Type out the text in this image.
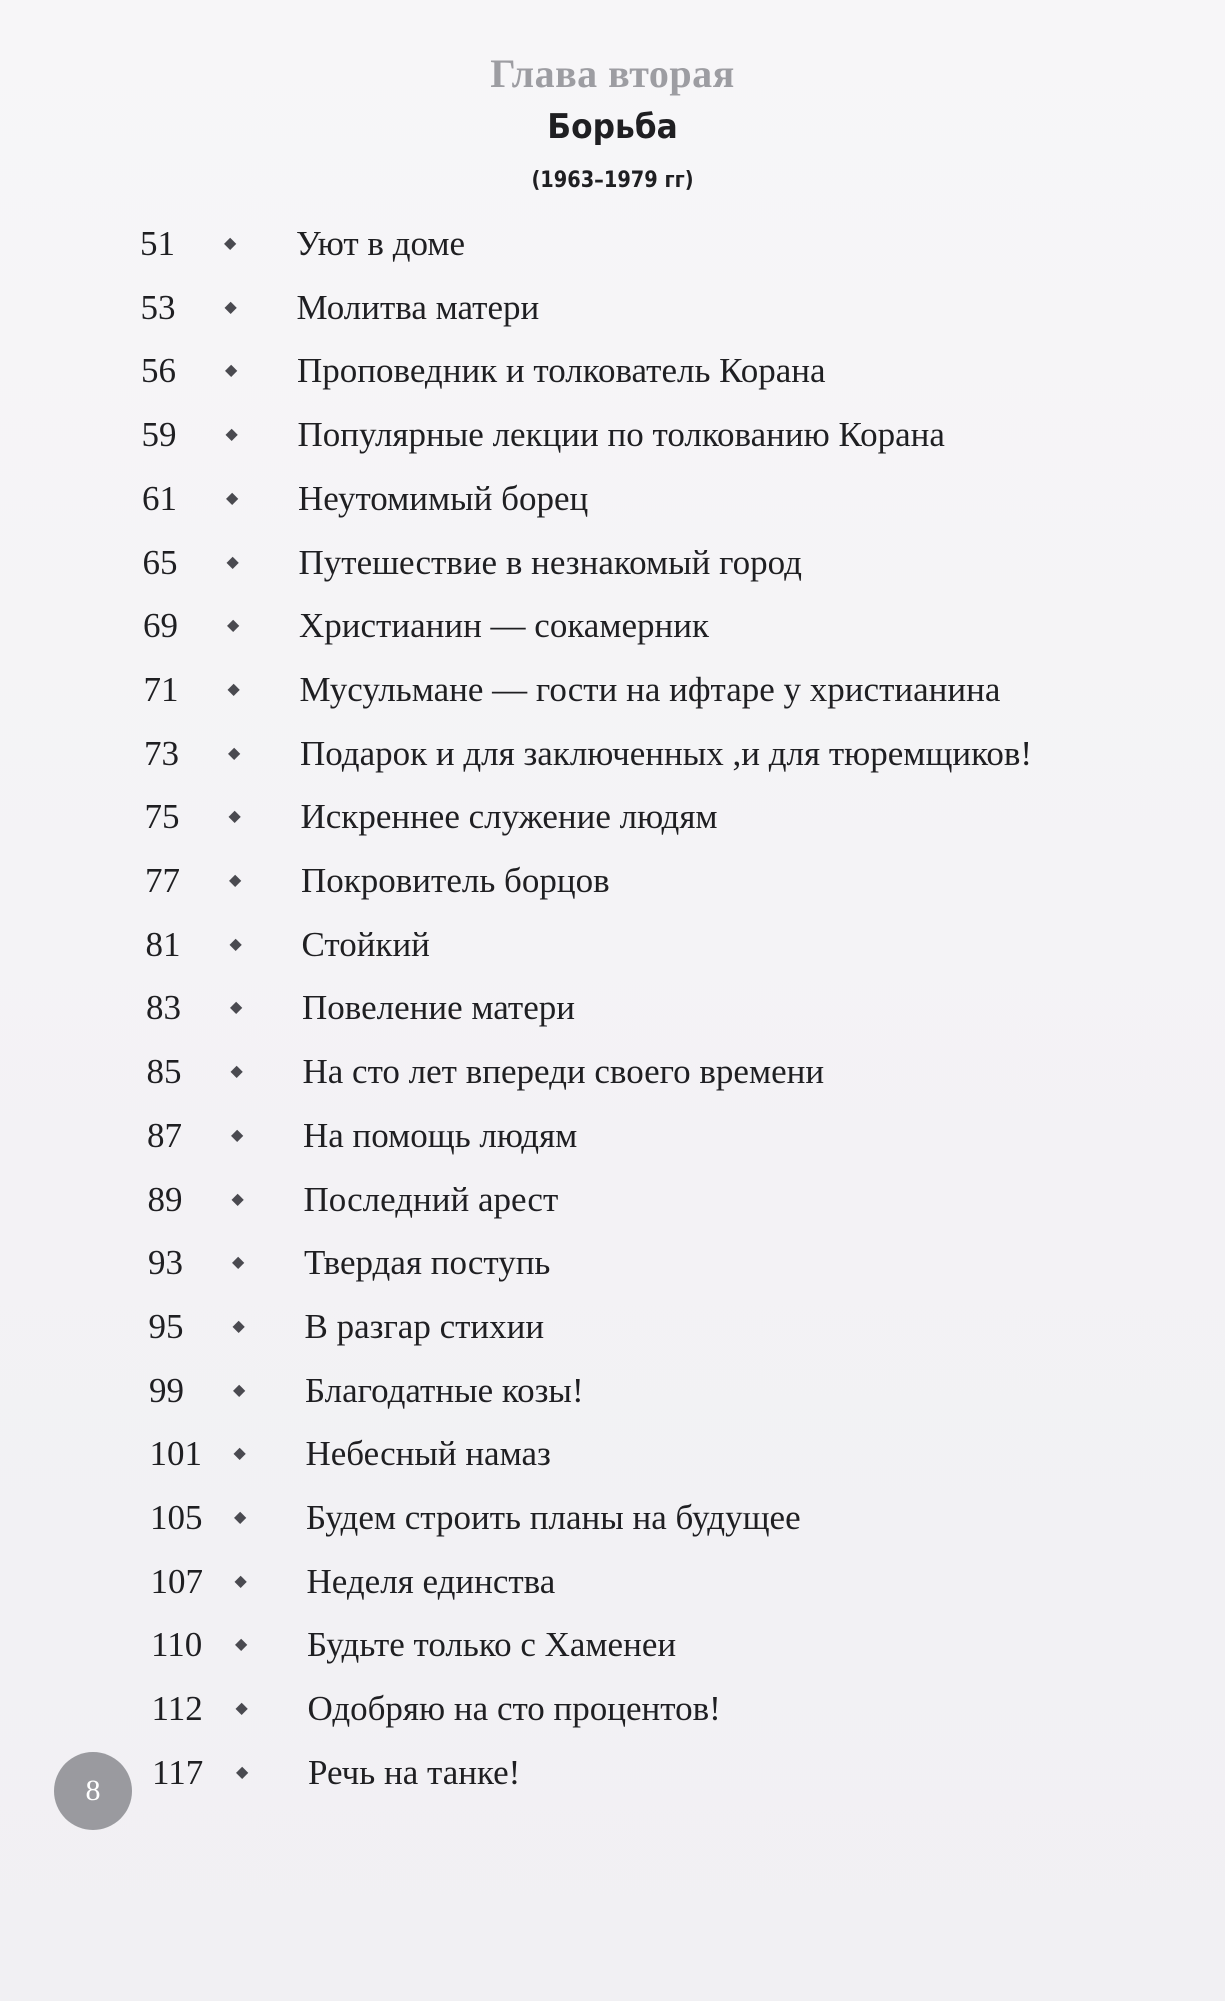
Глава вторая
Борьба
(1963–1979 гг)
51	◆ Уют в доме
53	◆ Молитва матери
56	◆ Проповедник и толкователь Корана
59	◆ Популярные лекции по толкованию Корана
61	◆ Неутомимый борец
65	◆ Путешествие в незнакомый город
69	◆ Христианин — сокамерник
71	◆ Мусульмане — гости на ифтаре у христианина
73	◆ Подарок и для заключенных ,и для тюремщиков!
75	◆ Искреннее служение людям
77	◆ Покровитель борцов
81	◆ Стойкий
83	◆ Повеление матери
85	◆ На сто лет впереди своего времени
87	◆ На помощь людям
89	◆ Последний арест
93	◆ Твердая поступь
95	◆ В разгар стихии
99	◆ Благодатные козы!
101	◆ Небесный намаз
105	◆ Будем строить планы на будущее
107	◆ Неделя единства
110	◆ Будьте только с Хаменеи
112	◆ Одобряю на сто процентов!
117	◆ Речь на танке!
8
